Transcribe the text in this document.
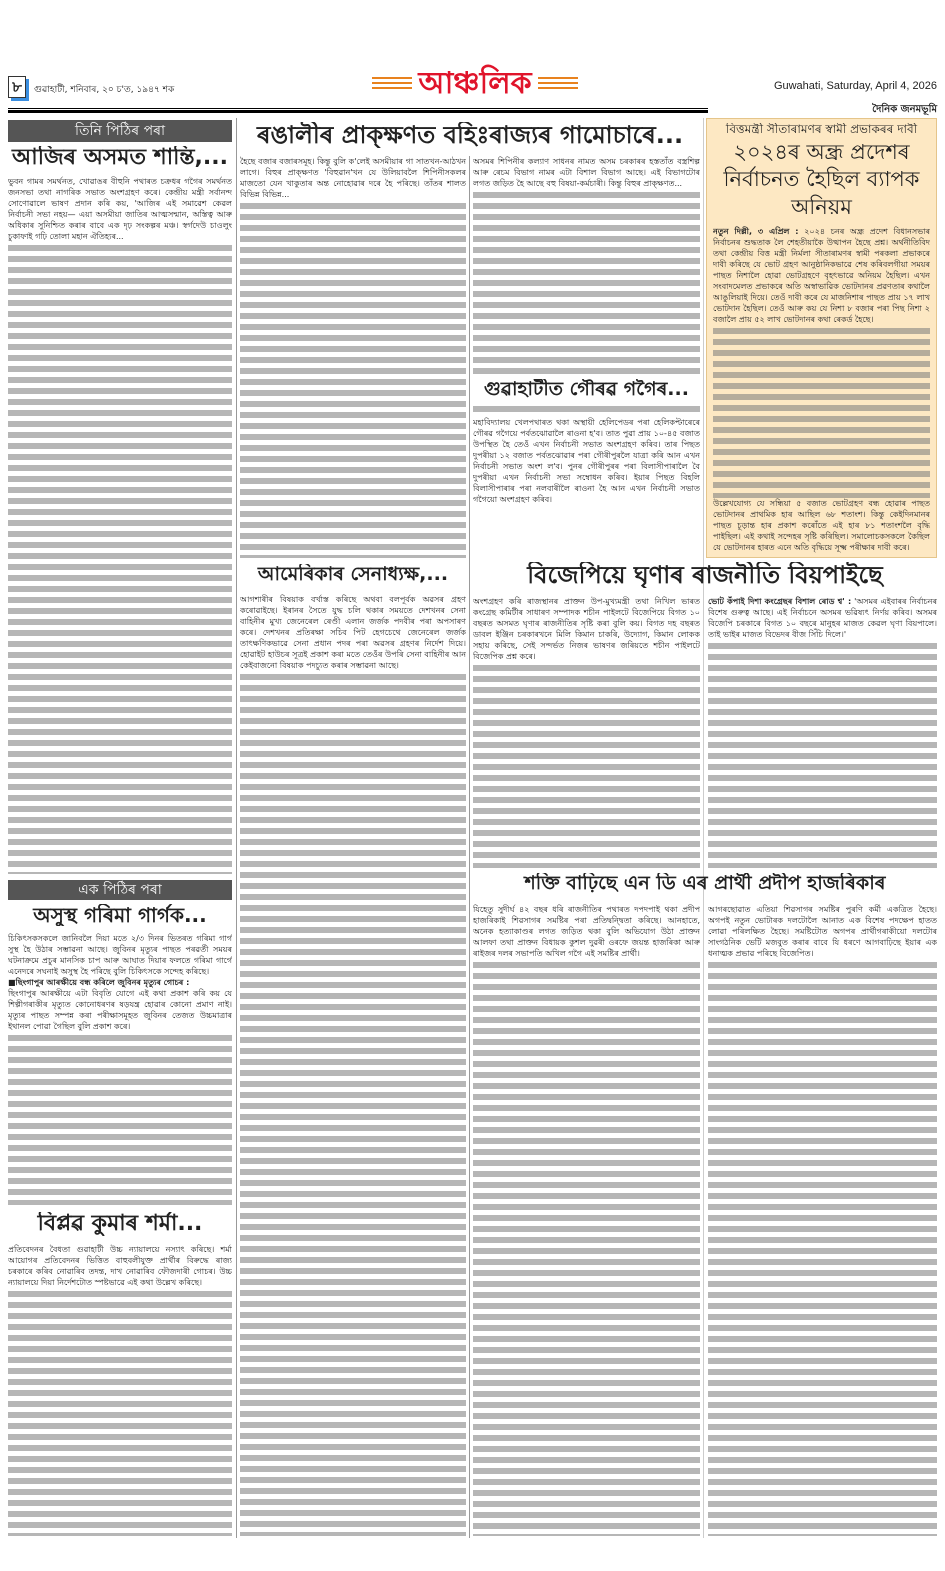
৮	গুৱাহাটী, শনিবাৰ, ২০ চ'ত, ১৯৪৭ শক	আঞ্চলিক	Guwahati, Saturday, April 4, 2026
দৈনিক জনমভূমি
তিনি পিঠিৰ পৰা
আজিৰ অসমত শান্তি,...

ভুবন গামৰ সমৰ্থনত, খোৱাঙৰ বীহুনি পথাৰত চক্ৰধৰ গগৈৰ সমৰ্থনত জনসভা তথা নাগৰিক সভাত অংশগ্ৰহণ কৰে। কেন্দ্ৰীয় মন্ত্ৰী সৰ্বানন্দ সোণোৱালে ভাষণ প্ৰদান কৰি কয়, 'আজিৰ এই সমাৱেশ কেৱল নিৰ্বাচনী সভা নহয়— এয়া অসমীয়া জাতিৰ আত্মসন্মান, অস্তিত্ব আৰু অধিকাৰ সুনিশ্চিত কৰাৰ বাবে এক দৃঢ় সংকল্পৰ মঞ্চ। স্বৰ্গদেউ চাওলুং চুকাফাই গঢ়ি তোলা মহান ঐতিহ্যৰ...

এক পিঠিৰ পৰা
অসুস্থ গৰিমা গাৰ্গক...

চিকিৎসকসকলে জানিবলৈ দিয়া মতে ২/৩ দিনৰ ভিতৰত গৰিমা গাৰ্গ সুস্থ হৈ উঠাৰ সম্ভাৱনা আছে। জুবিনৰ মৃত্যুৰ পাছত পৰৱৰ্তী সময়ৰ ঘটনাক্ৰমে প্ৰচুৰ মানসিক চাপ আৰু আঘাত দিয়াৰ ফলতে গৰিমা গাৰ্গে এনেদৰে সঘনাই অসুস্থ হৈ পৰিছে বুলি চিকিৎসকে সন্দেহ কৰিছে।

■ছিংগাপুৰ আৰক্ষীয়ে বন্ধ কৰিলে জুবিনৰ মৃত্যুৰ গোচৰ :

ছিংগাপুৰ আৰক্ষীয়ে এটা বিবৃতি যোগে এই কথা প্ৰকাশ কৰি কয় যে শিল্পীগৰাকীৰ মৃত্যুত কোনোধৰণৰ ষড়যন্ত্ৰ হোৱাৰ কোনো প্ৰমাণ নাই। মৃত্যুৰ পাছত সম্পন্ন কৰা পৰীক্ষাসমূহত জুবিনৰ তেজত উচ্চমাত্ৰাৰ ইথানল পোৱা গৈছিল বুলি প্ৰকাশ কৰে।

বিপ্লৱ কুমাৰ শৰ্মা...

প্ৰতিবেদনৰ বৈধতা গুৱাহাটী উচ্চ ন্যায়ালয়ে নস্যাৎ কৰিছে। শৰ্মা আয়োগৰ প্ৰতিবেদনৰ ভিত্তিত বাহুবলীযুক্ত প্ৰাৰ্থীৰ বিৰুদ্ধে ৰাজ্য চৰকাৰে কৰিব নোৱাৰিব তদন্ত, দাখ নোৱাৰিব ফৌজদাৰী গোচৰ। উচ্চ ন্যায়ালয়ে দিয়া নিৰ্দেশটোত স্পষ্টভাৱে এই কথা উল্লেখ কৰিছে।

ৰঙালীৰ প্ৰাক্‌ক্ষণত বহিঃৰাজ্যৰ গামোচাৰে...

হৈছে বজাৰ বজাৰসমূহ। কিন্তু বুলি ক'লেই অসমীয়াৰ গা সাতখন-আঠখন লাগে। বিহুৰ প্ৰাক্‌ক্ষণত 'বিহুৱান'খন যে উলিয়াবলৈ শিপিনীসকলৰ মাজতো যেন খাকুতাৰ অন্ত নোহোৱাৰ দৰে হৈ পৰিছে। তাঁতৰ শালত বিভিন্ন বিভিন্ন...

অসমৰ শিপিনীৰ কল্যাণ সাধনৰ নামত অসম চৰকাৰৰ হস্ততাঁত বস্ত্ৰশিল্প আৰু ৰেচম বিভাগ নামৰ এটা বিশাল বিভাগ আছে। এই বিভাগটোৰ লগত জড়িত হৈ আছে বহু বিষয়া-কৰ্মচাৰী। কিন্তু বিহুৰ প্ৰাক্‌ক্ষণত...

গুৱাহাটীত গৌৰৱ গগৈৰ...

মহাবিদ্যালয় খেলপথাৰত থকা অস্থায়ী হেলিপেডৰ পৰা হেলিকপ্টাৰেৰে গৌৰৱ গগৈয়ে পৰ্বতঝোৱালৈ ৰাওনা হ'ব। তাত পুৱা প্ৰায় ১০-৪৫ বজাত উপস্থিত হৈ তেওঁ এখন নিৰ্বাচনী সভাত অংশগ্ৰহণ কৰিব। তাৰ পিছত দুপৰীয়া ১২ বজাত পৰ্বতঝোৱাৰ পৰা গৌৰীপুৰলৈ যাত্ৰা কৰি আন এখন নিৰ্বাচনী সভাত অংশ ল'ব। পুনৰ গৌৰীপুৰৰ পৰা বিলাসীপাৰালৈ বৈ দুপৰীয়া এখন নিৰ্বাচনী সভা সম্বোধন কৰিব। ইয়াৰ পিছত বিহলি বিলাসীপাৰাৰ পৰা নলবাৰীলৈ ৰাওনা হৈ আন এখন নিৰ্বাচনী সভাত গগৈয়ো অংশগ্ৰহণ কৰিব।

আমেৰিকাৰ সেনাধ্যক্ষ,...

আগশাৰীৰ বিষয়াক বৰ্খাস্ত কৰিছে অথবা বলপূৰ্বক অৱসৰ গ্ৰহণ কৰোৱাইছে। ইৰানৰ সৈতে যুদ্ধ চলি থকাৰ সময়তে দেশখনৰ সেনা বাহিনীৰ মুখ্য জেনেৰেল ৰেণ্ডী এলান জৰ্জক পদবীৰ পৰা অপসাৰণ কৰে। দেশখনৰ প্ৰতিৰক্ষা সচিব পিট হেগচেথে জেনেৰেল জৰ্জক তাৎক্ষণিকভাৱে সেনা প্ৰধান পদৰ পৰা অৱসৰ গ্ৰহণৰ নিৰ্দেশ দিয়ে। হোৱাইট হাউচৰ সূত্ৰই প্ৰকাশ কৰা মতে তেওঁৰ উপৰি সেনা বাহিনীৰ আন কেইবাজনো বিষয়াক পদচ্যুত কৰাৰ সম্ভাৱনা আছে।

বিত্তমন্ত্ৰী সীতাৰামণৰ স্বামী প্ৰভাকৰৰ দাবী
২০২৪ৰ অন্ধ্ৰ প্ৰদেশৰ নিৰ্বাচনত হৈছিল ব্যাপক অনিয়ম

নতুন দিল্লী, ৩ এপ্ৰিল : ২০২৪ চনৰ অন্ধ্ৰ প্ৰদেশ বিধানসভাৰ নিৰ্বাচনৰ শুদ্ধতাক লৈ শেহতীয়াকৈ উত্থাপন হৈছে প্ৰশ্ন। অৰ্থনীতিবিদ তথা কেন্দ্ৰীয় বিত্ত মন্ত্ৰী নিৰ্মলা সীতাৰামণৰ স্বামী পৰকলা প্ৰভাকৰে দাবী কৰিছে যে ভোট গ্ৰহণ আনুষ্ঠানিকভাৱে শেষ কৰিবলগীয়া সময়ৰ পাছত নিশালৈ হোৱা ভোটগ্ৰহণে বৃহৎভাৱে অনিয়ম হৈছিল। এখন সংবাদমেলত প্ৰভাকৰে অতি অস্বাভাৱিক ভোটদানৰ প্ৰৱণতাৰ কথালৈ আঙুলিয়াই দিয়ে। তেওঁ দাবী কৰে যে মাজনিশাৰ পাছত প্ৰায় ১৭ লাখ ভোটদান হৈছিল। তেওঁ আৰু কয় যে নিশা ৮ বজাৰ পৰা পিছ নিশা ২ বজালৈ প্ৰায় ৫২ লাখ ভোটদানৰ কথা ৰেকৰ্ড হৈছে।

উল্লেখযোগ্য যে সন্ধিয়া ৫ বজাত ভোটগ্ৰহণ বন্ধ হোৱাৰ পাছত ভোটদানৰ প্ৰাথমিক হাৰ আছিল ৬৮ শতাংশ। কিন্তু কেইদিনমানৰ পাছত চূড়ান্ত হাৰ প্ৰকাশ কৰোঁতে এই হাৰ ৮১ শতাংশলৈ বৃদ্ধি পাইছিল। এই কথাই সন্দেহৰ সৃষ্টি কৰিছিল। সমালোচকসকলে কৈছিল যে ভোটদানৰ হাৰত এনে অতি বৃদ্ধিয়ে সূক্ষ্ম পৰীক্ষাৰ দাবী কৰে।

বিজেপিয়ে ঘৃণাৰ ৰাজনীতি বিয়পাইছে

অংশগ্ৰহণ কৰি ৰাজস্থানৰ প্ৰাক্তন উপ-মুখ্যমন্ত্ৰী তথা নিখিল ভাৰত কংগ্ৰেছ কমিটীৰ সাধাৰণ সম্পাদক শচীন পাইলটে বিজেপিয়ে বিগত ১০ বছৰত অসমত ঘৃণাৰ ৰাজনীতিৰ সৃষ্টি কৰা বুলি কয়। বিগত দহ বছৰত ডাবল ইঞ্জিন চৰকাৰখনে মিলি কিমান চাকৰি, উদ্যোগ, কিমান লোকক সহায় কৰিছে, সেই সন্দৰ্ভত নিজৰ ভাষণৰ জৰিয়তে শচীন পাইলটে বিজেপিক প্ৰশ্ন কৰে।

ভোট কঁপাই দিশা কংগ্ৰেছৰ বিশাল ৰোড শ্ব' : 'অসমৰ এইবাৰৰ নিৰ্বাচনৰ বিশেষ গুৰুত্ব আছে। এই নিৰ্বাচনে অসমৰ ভৱিষ্যৎ নিৰ্ণয় কৰিব। অসমৰ বিজেপি চৰকাৰে বিগত ১০ বছৰে মানুহৰ মাজত কেৱল ঘৃণা বিয়পালে। তাই ভাইৰ মাজত বিভেদৰ বীজ সিঁচি দিলে।'

শক্তি বাঢ়িছে এন ডি এৰ প্ৰাৰ্থী প্ৰদীপ হাজৰিকাৰ

যিহেতু সুদীৰ্ঘ ৪২ বছৰ ধৰি ৰাজনীতিৰ পথাৰত দপদপাই থকা প্ৰদীপ হাজৰিকাই শিৱসাগৰ সমষ্টিৰ পৰা প্ৰতিদ্বন্দ্বিতা কৰিছে। আনহাতে, অনেক হত্যাকাণ্ডৰ লগত জড়িত থকা বুলি অভিযোগ উঠা প্ৰাক্তন আলফা তথা প্ৰাক্তন বিধায়ক কুশল দুৱৰী ওৰফে জয়ন্ত হাজৰিকা আৰু ৰাইজৰ দলৰ সভাপতি অখিল গগৈ এই সমষ্টিৰ প্ৰাৰ্থী।

আগৰছোৱাত এতিয়া শিৱসাগৰ সমষ্টিৰ পুৰণি কৰ্মী একত্ৰিত হৈছে। অগপই নতুন ভোটাৰক দলটোলৈ আনাত এক বিশেষ পদক্ষেপ হাতত লোৱা পৰিলক্ষিত হৈছে। সমষ্টিটোত অগপৰ প্ৰাৰ্থীগৰাকীয়ো দলটোৰ সাংগঠনিক ভেটি মজবুত কৰাৰ বাবে যি ধৰণে আগবাঢ়িছে ইয়াৰ এক ধনাত্মক প্ৰভাৱ পৰিছে বিজেপিত।
